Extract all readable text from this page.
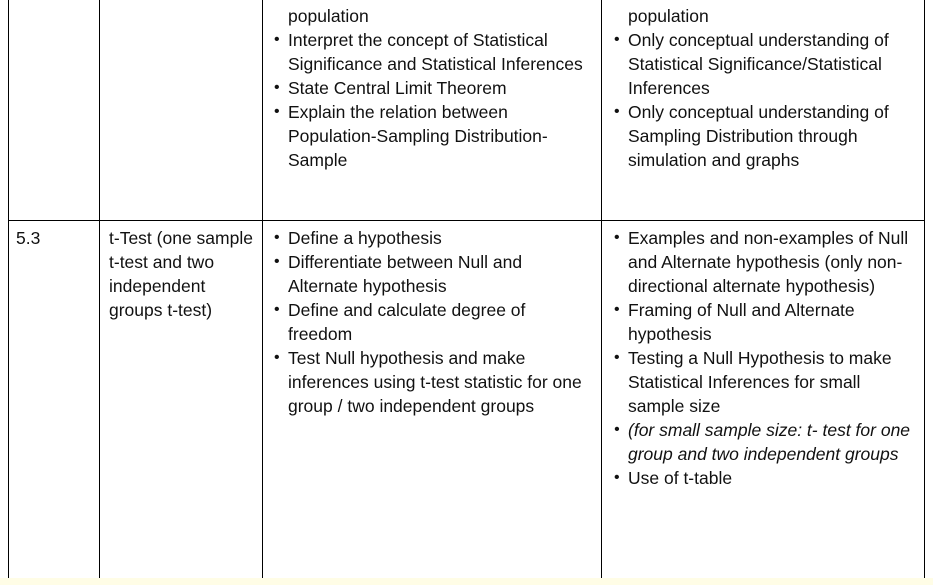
population
• Interpret the concept of Statistical Significance and Statistical Inferences
• State Central Limit Theorem
• Explain the relation between Population-Sampling Distribution-Sample
population
• Only conceptual understanding of Statistical Significance/Statistical Inferences
• Only conceptual understanding of Sampling Distribution through simulation and graphs
5.3	t-Test (one sample t-test and two independent groups t-test)
• Define a hypothesis
• Differentiate between Null and Alternate hypothesis
• Define and calculate degree of freedom
• Test Null hypothesis and make inferences using t-test statistic for one group / two independent groups
• Examples and non-examples of Null and Alternate hypothesis (only non-directional alternate hypothesis)
• Framing of Null and Alternate hypothesis
• Testing a Null Hypothesis to make Statistical Inferences for small sample size
• (for small sample size: t- test for one group and two independent groups
• Use of t-table
